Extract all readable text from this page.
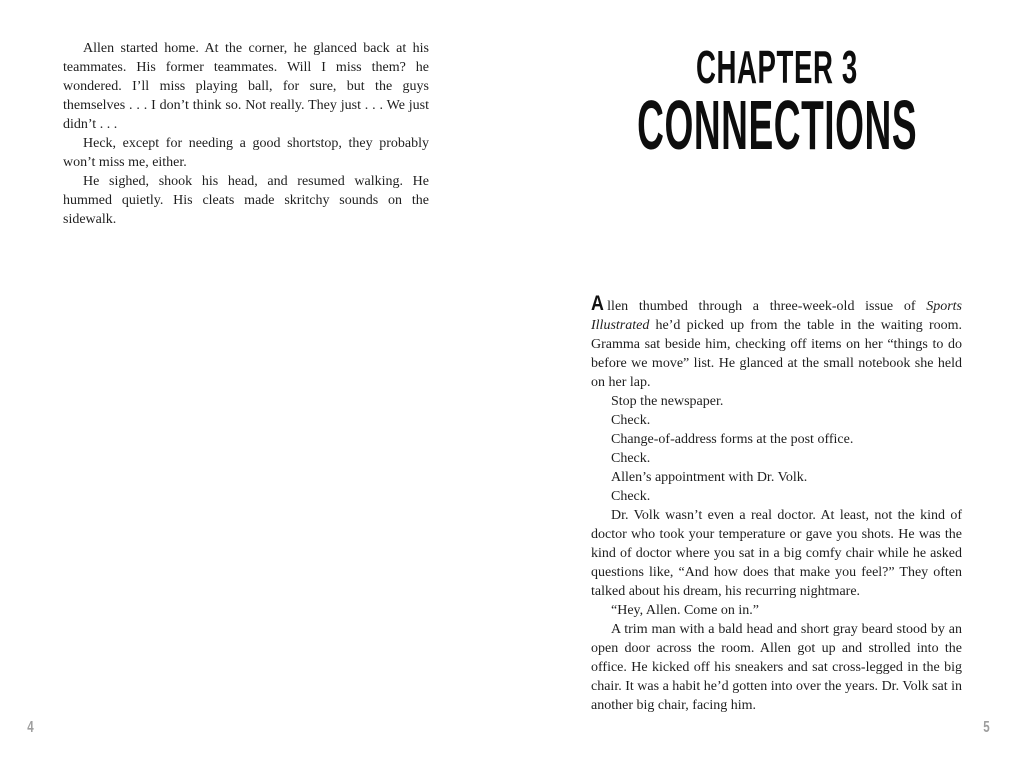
Allen started home. At the corner, he glanced back at his teammates. His former teammates. Will I miss them? he wondered. I’ll miss playing ball, for sure, but the guys themselves . . . I don’t think so. Not really. They just . . . We just didn’t . . .

Heck, except for needing a good shortstop, they probably won’t miss me, either.

He sighed, shook his head, and resumed walking. He hummed quietly. His cleats made skritchy sounds on the sidewalk.

CHAPTER 3
CONNECTIONS

Allen thumbed through a three-week-old issue of Sports Illustrated he’d picked up from the table in the waiting room. Gramma sat beside him, checking off items on her “things to do before we move” list. He glanced at the small notebook she held on her lap.

Stop the newspaper.

Check.

Change-of-address forms at the post office.

Check.

Allen’s appointment with Dr. Volk.

Check.

Dr. Volk wasn’t even a real doctor. At least, not the kind of doctor who took your temperature or gave you shots. He was the kind of doctor where you sat in a big comfy chair while he asked questions like, “And how does that make you feel?” They often talked about his dream, his recurring nightmare.

“Hey, Allen. Come on in.”

A trim man with a bald head and short gray beard stood by an open door across the room. Allen got up and strolled into the office. He kicked off his sneakers and sat cross-legged in the big chair. It was a habit he’d gotten into over the years. Dr. Volk sat in another big chair, facing him.

4	5
